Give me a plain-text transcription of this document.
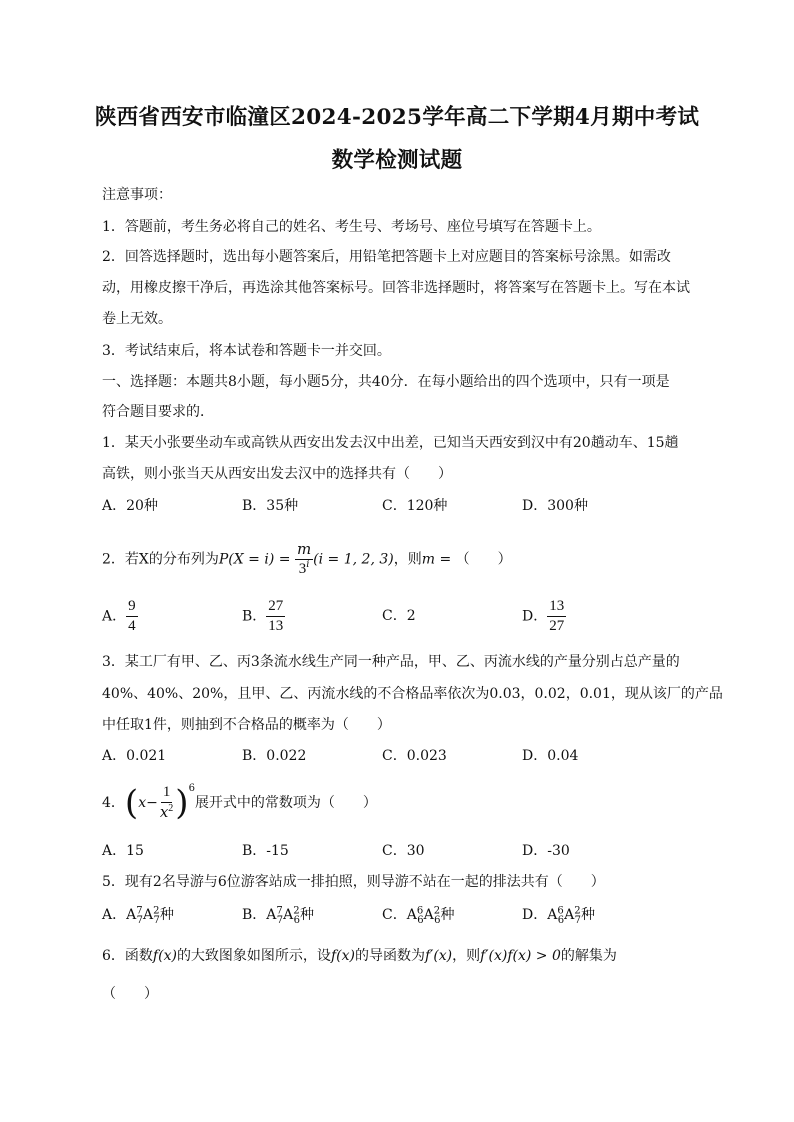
陕西省西安市临潼区2024-2025学年高二下学期4月期中考试
数学检测试题
注意事项：
1．答题前，考生务必将自己的姓名、考生号、考场号、座位号填写在答题卡上。
2．回答选择题时，选出每小题答案后，用铅笔把答题卡上对应题目的答案标号涂黑。如需改
动，用橡皮擦干净后，再选涂其他答案标号。回答非选择题时，将答案写在答题卡上。写在本试
卷上无效。
3．考试结束后，将本试卷和答题卡一并交回。
一、选择题：本题共8小题，每小题5分，共40分．在每小题给出的四个选项中，只有一项是
符合题目要求的．
1．某天小张要坐动车或高铁从西安出发去汉中出差，已知当天西安到汉中有20趟动车、15趟
高铁，则小张当天从西安出发去汉中的选择共有（　　）
A．20种	B．35种	C．120种	D．300种
2．若X的分布列为$P(X = i) = \frac{m}{3^i} (i = 1$, 2, 3)，则m = （　　）
A． $\frac{9}{4}$	B． $\frac{27}{13}$	C．2	D． $\frac{13}{27}$
3．某工厂有甲、乙、丙3条流水线生产同一种产品，甲、乙、丙流水线的产量分别占总产量的
40%、40%、20%，且甲、乙、丙流水线的不合格品率依次为0.03，0.02，0.01，现从该厂的产品
中任取1件，则抽到不合格品的概率为（　　）
A．0.021	B．0.022	C．0.023	D．0.04
4．$(x- \frac{1}{x^2} )^6$展开式中的常数项为（　　）
A．15	B．-15	C．30	D．-30
5．现有2名导游与6位游客站成一排拍照，则导游不站在一起的排法共有（　　）
A．$A^7_7A^2_7$种	B．$A^7_7A^2_6$种	C．$A^6_6A^2_6$种	D．$A^6_6A^2_7$种
6．函数f(x)的大致图象如图所示，设f(x)的导函数为f′(x)，则f′(x)f(x) > 0的解集为
（　　）
